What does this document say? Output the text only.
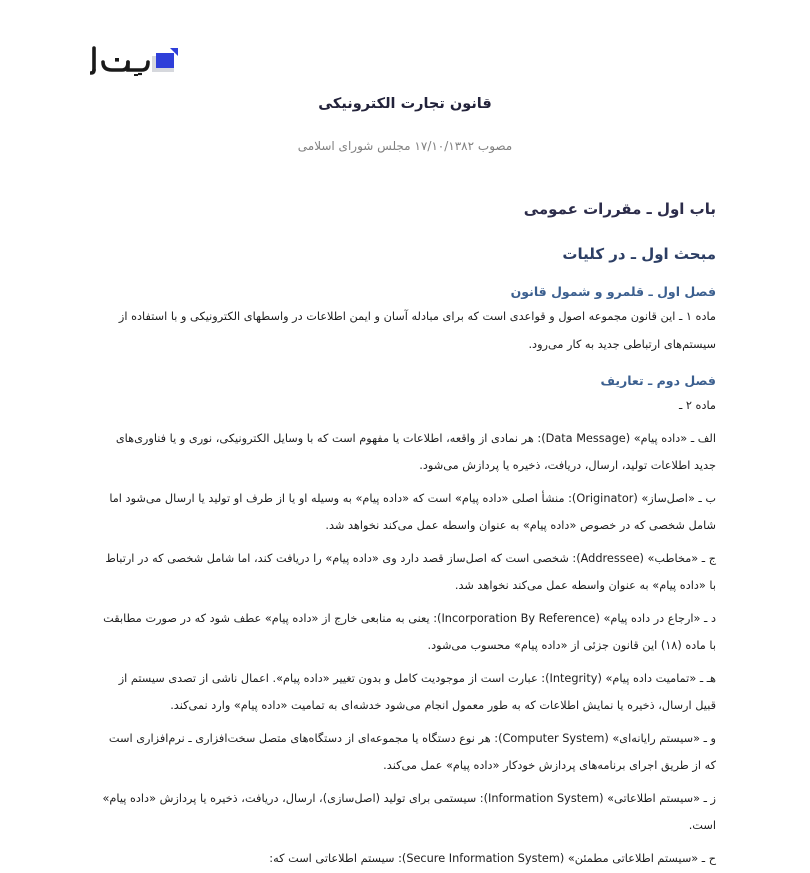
قانون تجارت الکترونیکی
مصوب ۱۷/۱۰/۱۳۸۲ مجلس شورای اسلامی
باب اول ـ مقررات عمومی
مبحث اول ـ در کلیات
فصل اول ـ قلمرو و شمول قانون
ماده ۱ ـ این قانون مجموعه اصول و قواعدی است که برای مبادله آسان و ایمن اطلاعات در واسطهای الکترونیکی و با استفاده از سیستم‌های ارتباطی جدید به کار می‌رود.
فصل دوم ـ تعاریف
ماده ۲ ـ
الف ـ «داده پیام» (Data Message): هر نمادی از واقعه، اطلاعات یا مفهوم است که با وسایل الکترونیکی، نوری و یا فناوری‌های جدید اطلاعات تولید، ارسال، دریافت، ذخیره یا پردازش می‌شود.
ب ـ «اصل‌ساز» (Originator): منشأ اصلی «داده پیام» است که «داده پیام» به وسیله او یا از طرف او تولید یا ارسال می‌شود اما شامل شخصی که در خصوص «داده پیام» به عنوان واسطه عمل می‌کند نخواهد شد.
ج ـ «مخاطب» (Addressee): شخصی است که اصل‌ساز قصد دارد وی «داده پیام» را دریافت کند، اما شامل شخصی که در ارتباط با «داده پیام» به عنوان واسطه عمل می‌کند نخواهد شد.
د ـ «ارجاع در داده پیام» (Incorporation By Reference): یعنی به منابعی خارج از «داده پیام» عطف شود که در صورت مطابقت با ماده (۱۸) این قانون جزئی از «داده پیام» محسوب می‌شود.
هـ ـ «تمامیت داده پیام» (Integrity): عبارت است از موجودیت کامل و بدون تغییر «داده پیام». اعمال ناشی از تصدی سیستم از قبیل ارسال، ذخیره یا نمایش اطلاعات که به طور معمول انجام می‌شود خدشه‌ای به تمامیت «داده پیام» وارد نمی‌کند.
و ـ «سیستم رایانه‌ای» (Computer System): هر نوع دستگاه یا مجموعه‌ای از دستگاه‌های متصل سخت‌افزاری ـ نرم‌افزاری است که از طریق اجرای برنامه‌های پردازش خودکار «داده پیام» عمل می‌کند.
ز ـ «سیستم اطلاعاتی» (Information System): سیستمی برای تولید (اصل‌سازی)، ارسال، دریافت، ذخیره یا پردازش «داده پیام» است.
ح ـ «سیستم اطلاعاتی مطمئن» (Secure Information System): سیستم اطلاعاتی است که:
